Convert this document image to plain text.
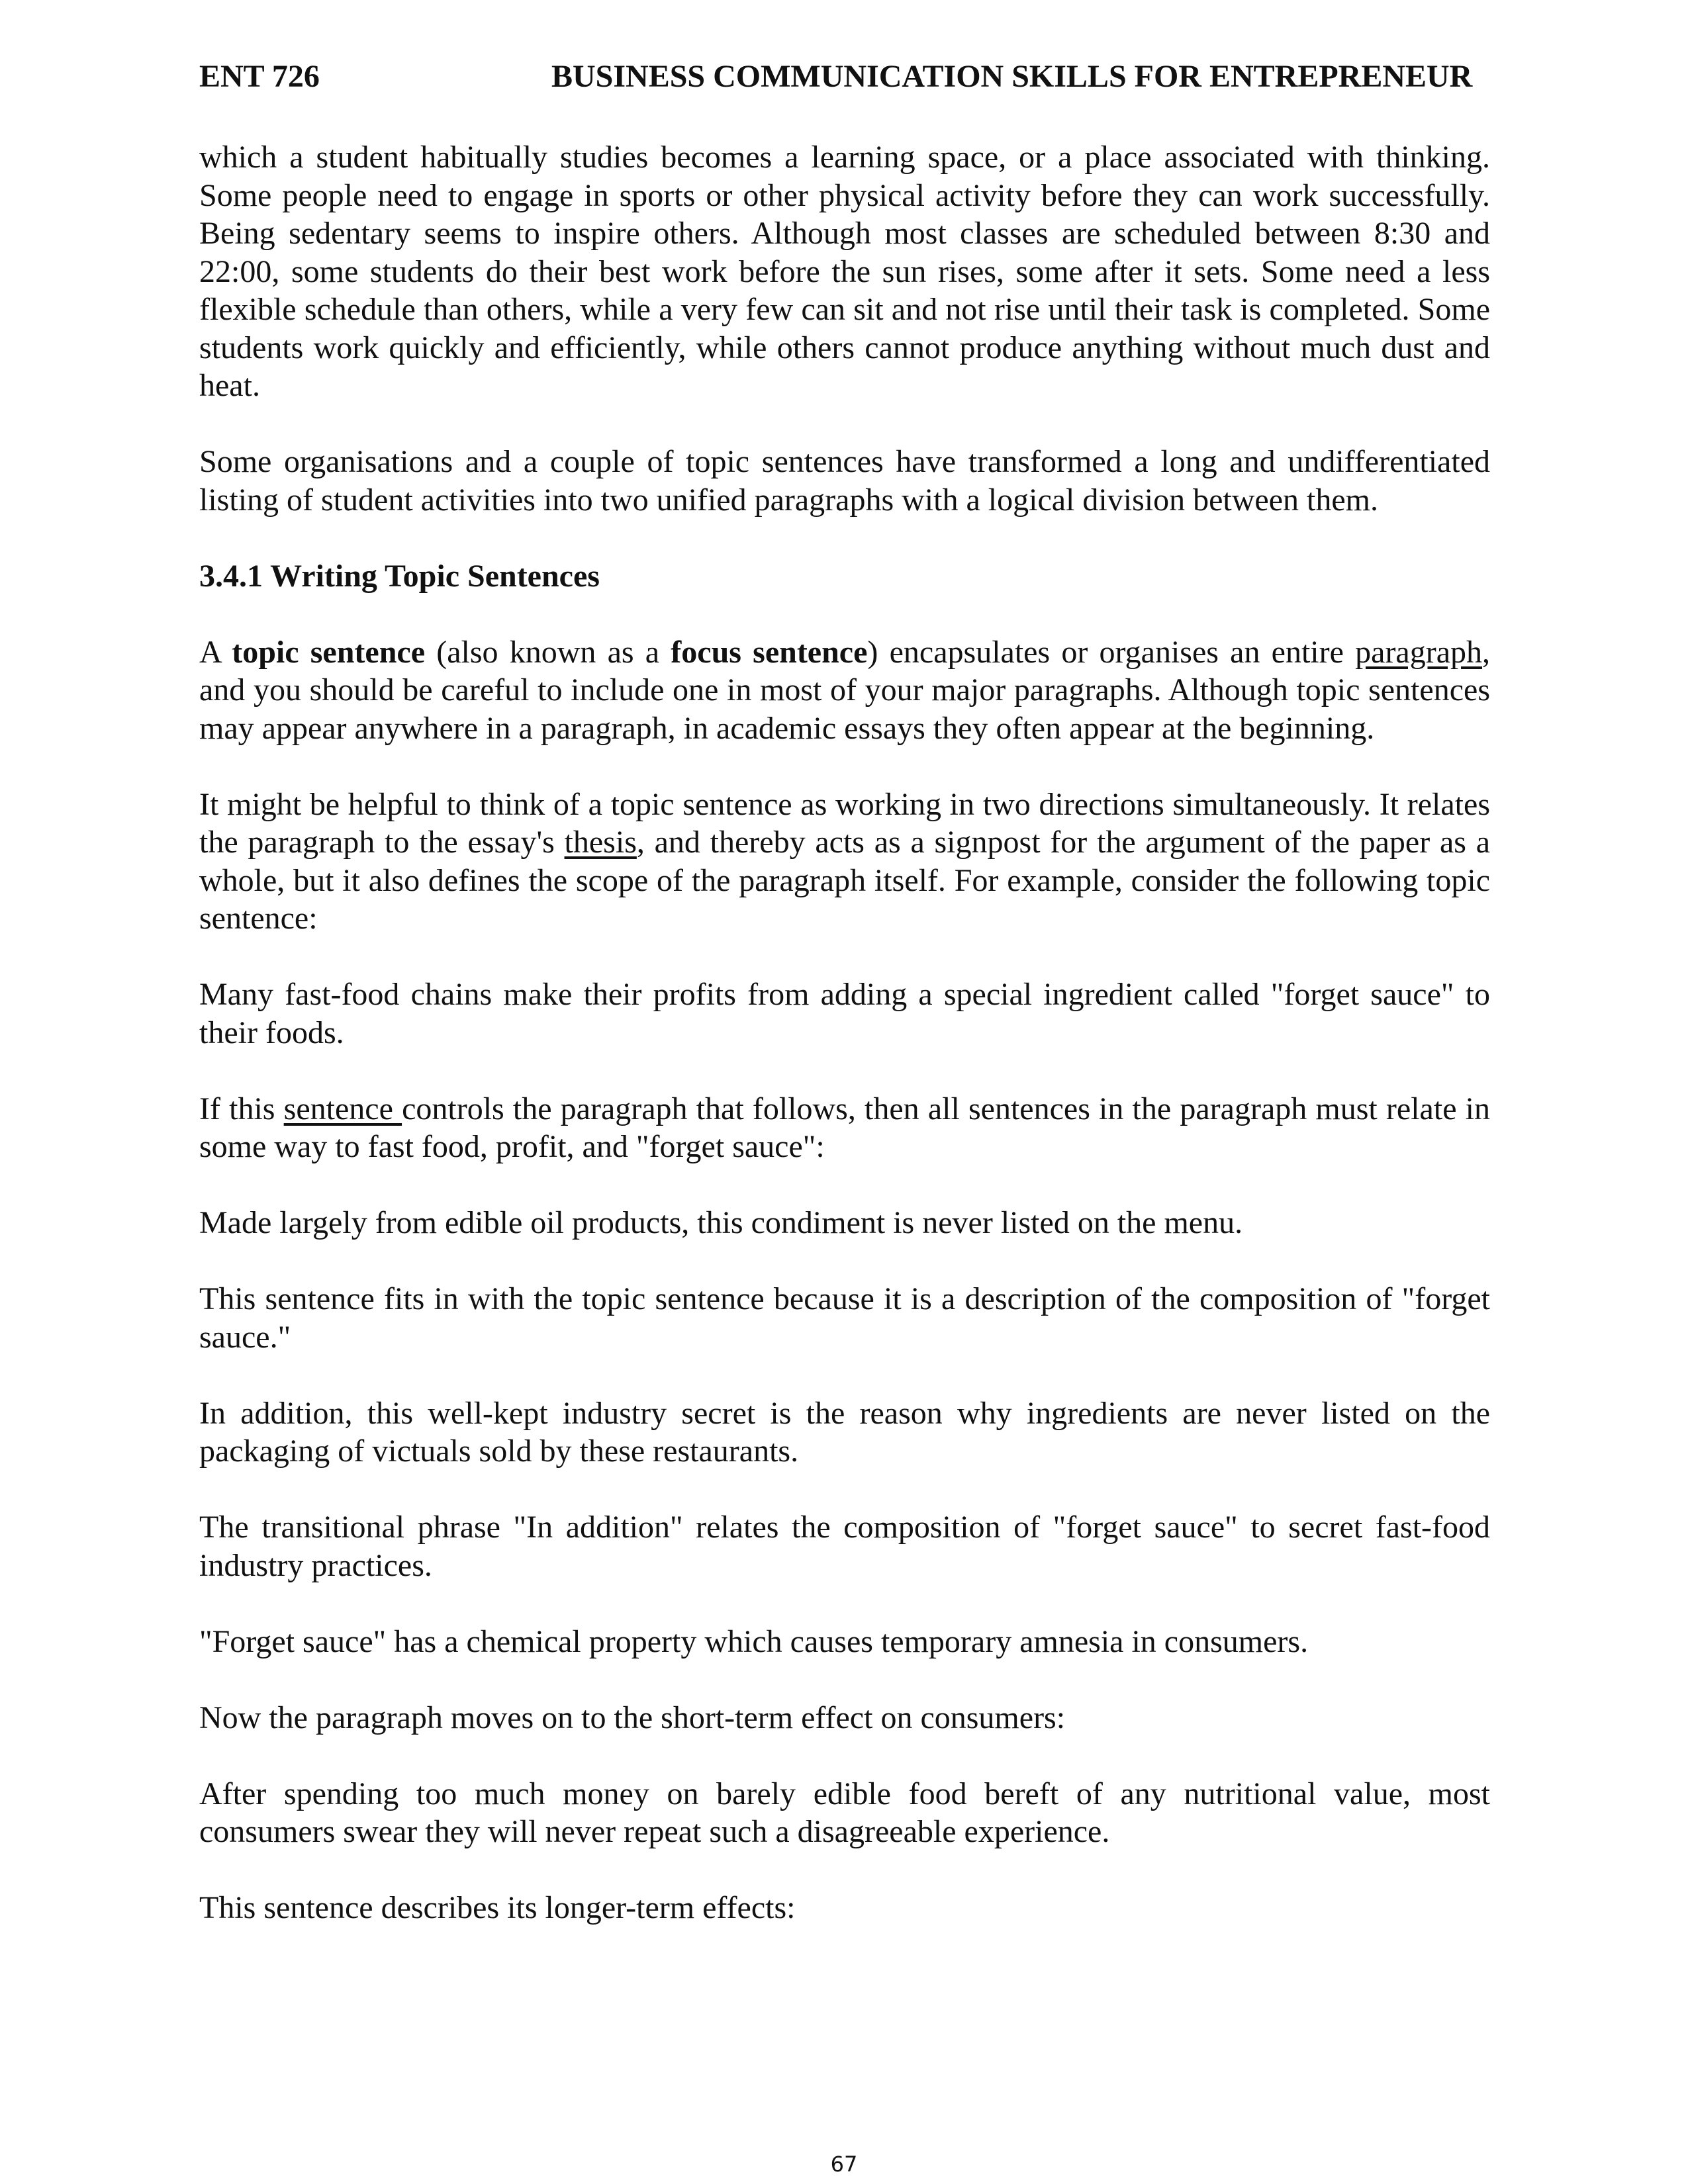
ENT 726	BUSINESS COMMUNICATION SKILLS FOR ENTREPRENEUR

which a student habitually studies becomes a learning space, or a place associated with thinking. Some people need to engage in sports or other physical activity before they can work successfully. Being sedentary seems to inspire others. Although most classes are scheduled between 8:30 and 22:00, some students do their best work before the sun rises, some after it sets. Some need a less flexible schedule than others, while a very few can sit and not rise until their task is completed. Some students work quickly and efficiently, while others cannot produce anything without much dust and heat.

Some organisations and a couple of topic sentences have transformed a long and undifferentiated listing of student activities into two unified paragraphs with a logical division between them.

3.4.1 Writing Topic Sentences

A topic sentence (also known as a focus sentence) encapsulates or organises an entire paragraph, and you should be careful to include one in most of your major paragraphs. Although topic sentences may appear anywhere in a paragraph, in academic essays they often appear at the beginning.

It might be helpful to think of a topic sentence as working in two directions simultaneously. It relates the paragraph to the essay's thesis, and thereby acts as a signpost for the argument of the paper as a whole, but it also defines the scope of the paragraph itself. For example, consider the following topic sentence:

Many fast-food chains make their profits from adding a special ingredient called "forget sauce" to their foods.

If this sentence controls the paragraph that follows, then all sentences in the paragraph must relate in some way to fast food, profit, and "forget sauce":

Made largely from edible oil products, this condiment is never listed on the menu.

This sentence fits in with the topic sentence because it is a description of the composition of "forget sauce."

In addition, this well-kept industry secret is the reason why ingredients are never listed on the packaging of victuals sold by these restaurants.

The transitional phrase "In addition" relates the composition of "forget sauce" to secret fast-food industry practices.

"Forget sauce" has a chemical property which causes temporary amnesia in consumers.

Now the paragraph moves on to the short-term effect on consumers:

After spending too much money on barely edible food bereft of any nutritional value, most consumers swear they will never repeat such a disagreeable experience.

This sentence describes its longer-term effects:

67
